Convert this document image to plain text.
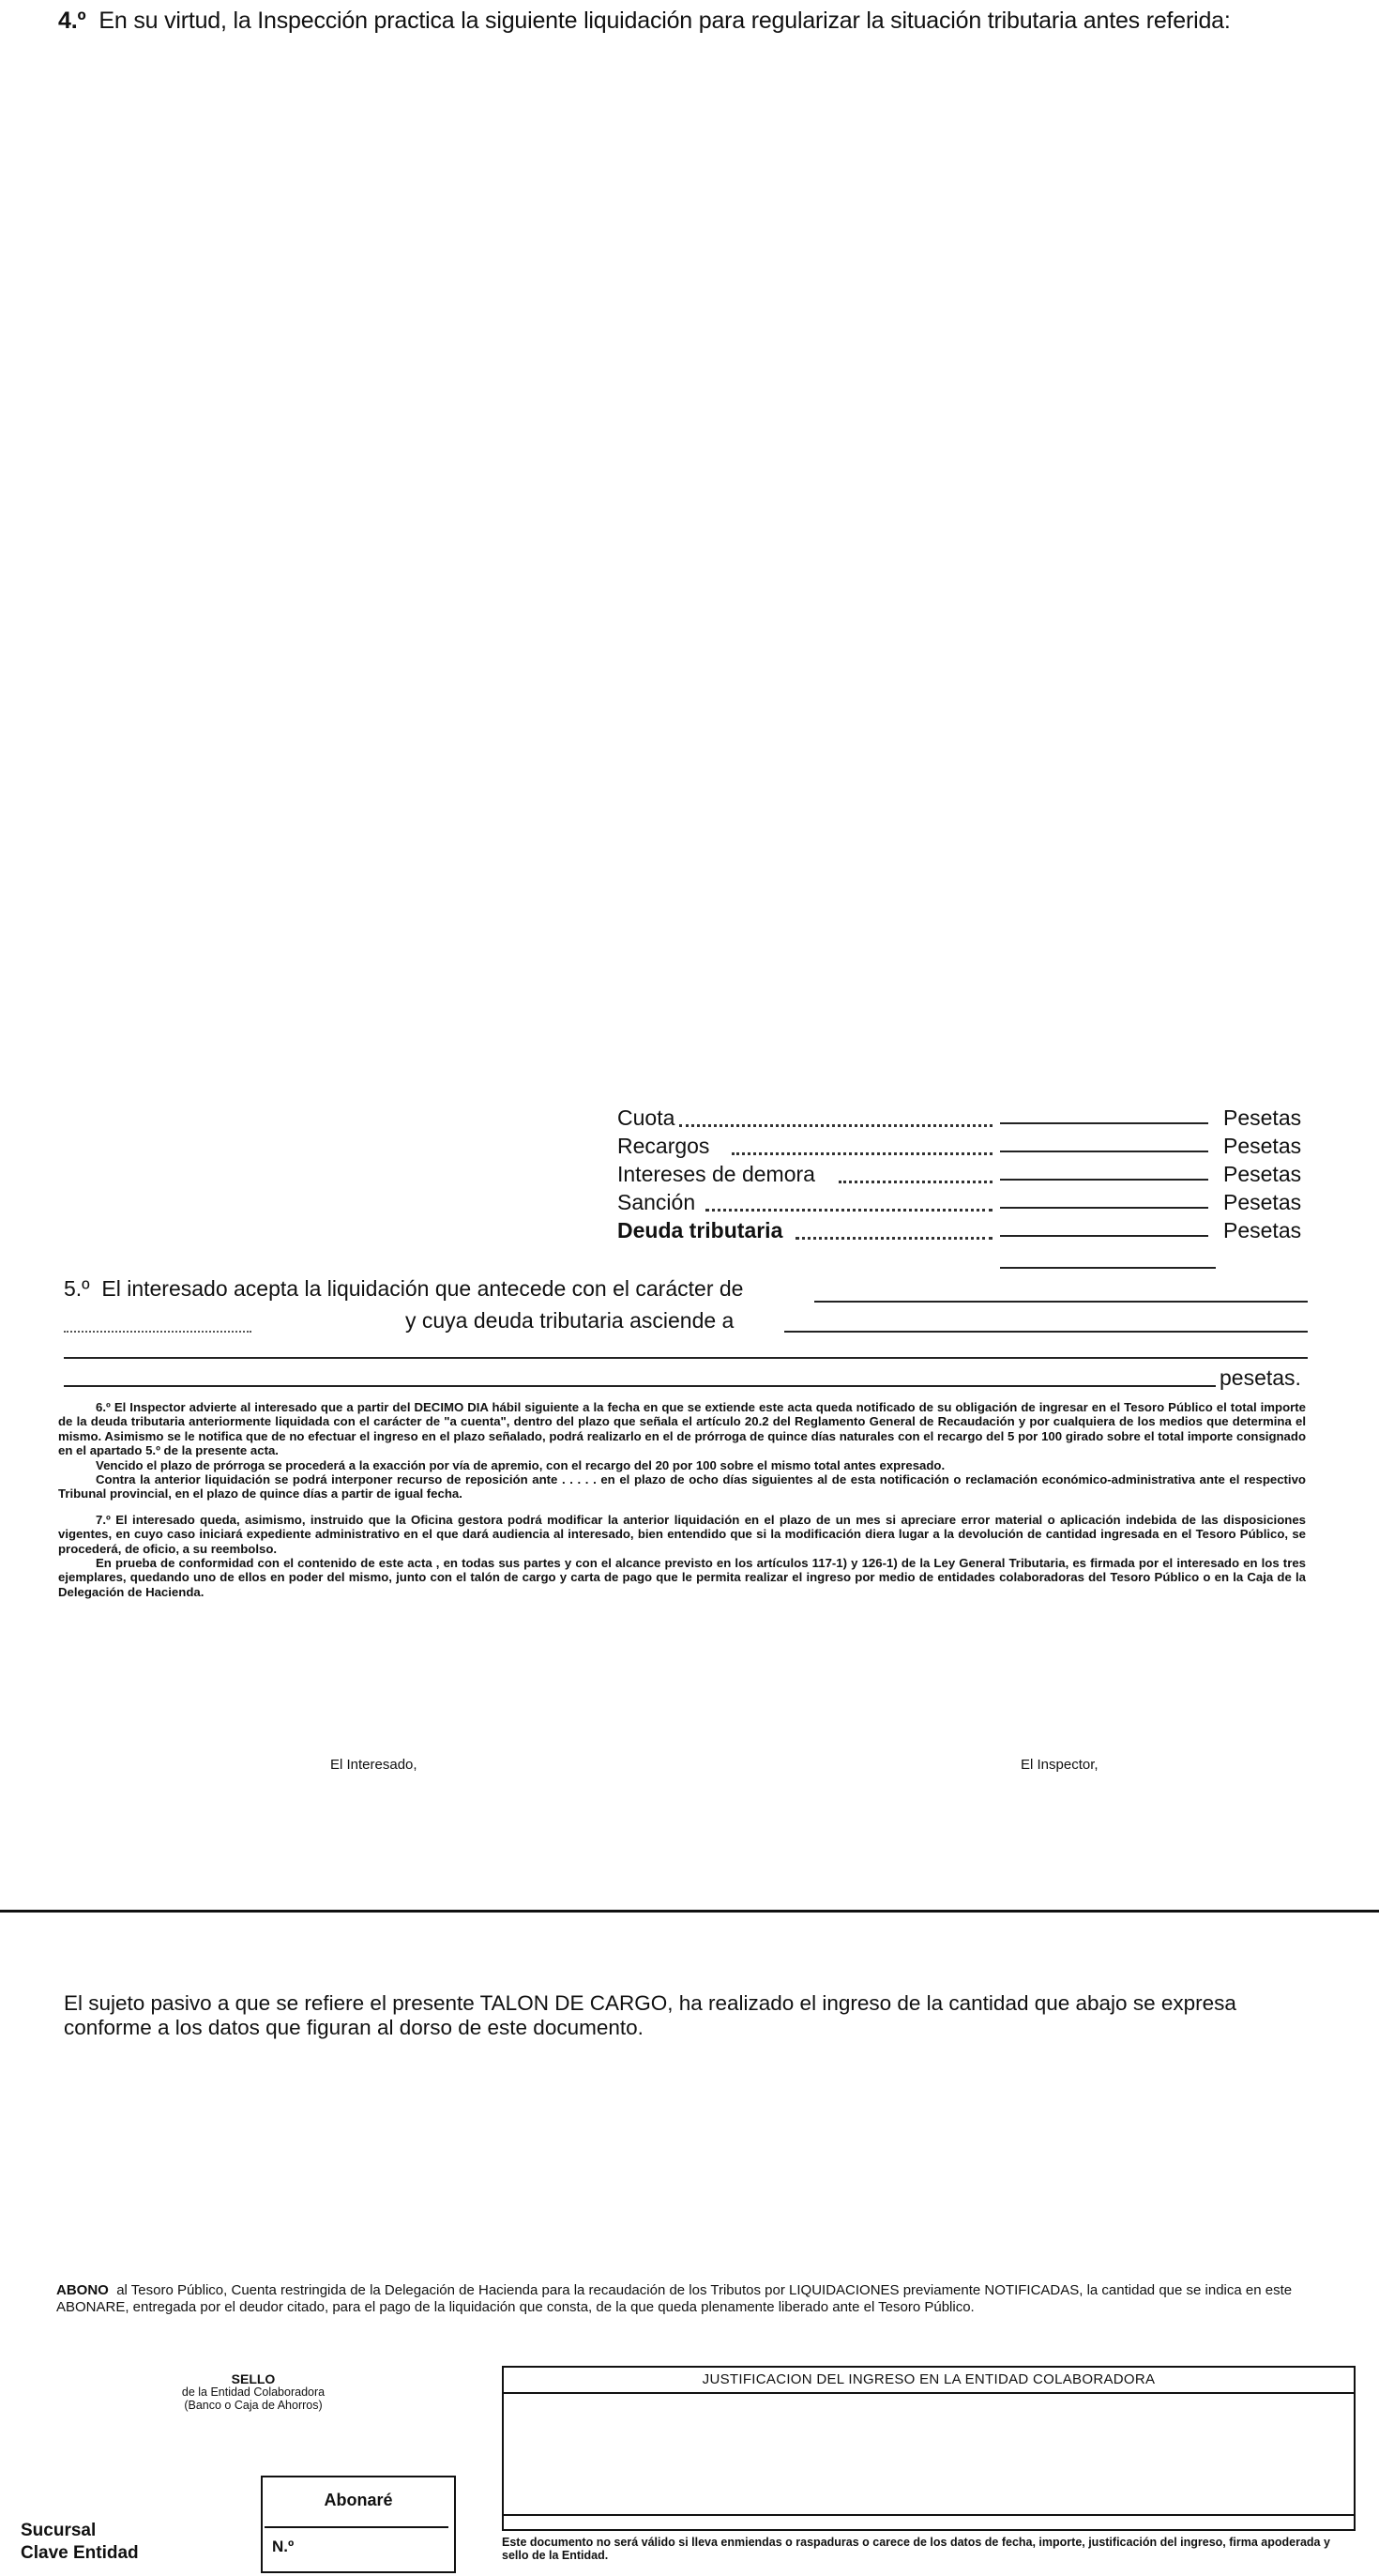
4.º En su virtud, la Inspección practica la siguiente liquidación para regularizar la situación tributaria antes referida:
Cuota	Pesetas
Recargos	Pesetas
Intereses de demora	Pesetas
Sanción	Pesetas
Deuda tributaria	Pesetas
5.º El interesado acepta la liquidación que antecede con el carácter de
y cuya deuda tributaria asciende a
pesetas.

6.º El Inspector advierte al interesado que a partir del DECIMO DIA hábil siguiente a la fecha en que se extiende este acta queda notificado de su obligación de ingresar en el Tesoro Público el total importe de la deuda tributaria anteriormente liquidada con el carácter de "a cuenta", dentro del plazo que señala el artículo 20.2 del Reglamento General de Recaudación y por cualquiera de los medios que determina el mismo. Asimismo se le notifica que de no efectuar el ingreso en el plazo señalado, podrá realizarlo en el de prórroga de quince días naturales con el recargo del 5 por 100 girado sobre el total importe consignado en el apartado 5.º de la presente acta.

Vencido el plazo de prórroga se procederá a la exacción por vía de apremio, con el recargo del 20 por 100 sobre el mismo total antes expresado.

Contra la anterior liquidación se podrá interponer recurso de reposición ante . . . . . en el plazo de ocho días siguientes al de esta notificación o reclamación económico-administrativa ante el respectivo Tribunal provincial, en el plazo de quince días a partir de igual fecha.

7.º El interesado queda, asimismo, instruido que la Oficina gestora podrá modificar la anterior liquidación en el plazo de un mes si apreciare error material o aplicación indebida de las disposiciones vigentes, en cuyo caso iniciará expediente administrativo en el que dará audiencia al interesado, bien entendido que si la modificación diera lugar a la devolución de cantidad ingresada en el Tesoro Público, se procederá, de oficio, a su reembolso.

En prueba de conformidad con el contenido de este acta , en todas sus partes y con el alcance previsto en los artículos 117-1) y 126-1) de la Ley General Tributaria, es firmada por el interesado en los tres ejemplares, quedando uno de ellos en poder del mismo, junto con el talón de cargo y carta de pago que le permita realizar el ingreso por medio de entidades colaboradoras del Tesoro Público o en la Caja de la Delegación de Hacienda.

El Interesado,	El Inspector,
El sujeto pasivo a que se refiere el presente TALON DE CARGO, ha realizado el ingreso de la cantidad que abajo se expresa conforme a los datos que figuran al dorso de este documento.
ABONO al Tesoro Público, Cuenta restringida de la Delegación de Hacienda para la recaudación de los Tributos por LIQUIDACIONES previamente NOTIFICADAS, la cantidad que se indica en este ABONARE, entregada por el deudor citado, para el pago de la liquidación que consta, de la que queda plenamente liberado ante el Tesoro Público.
SELLO
de la Entidad Colaboradora
(Banco o Caja de Ahorros)
JUSTIFICACION DEL INGRESO EN LA ENTIDAD COLABORADORA
Este documento no será válido si lleva enmiendas o raspaduras o carece de los datos de fecha, importe, justificación del ingreso, firma apoderada y sello de la Entidad.
Abonaré
N.º
Sucursal
Clave Entidad
